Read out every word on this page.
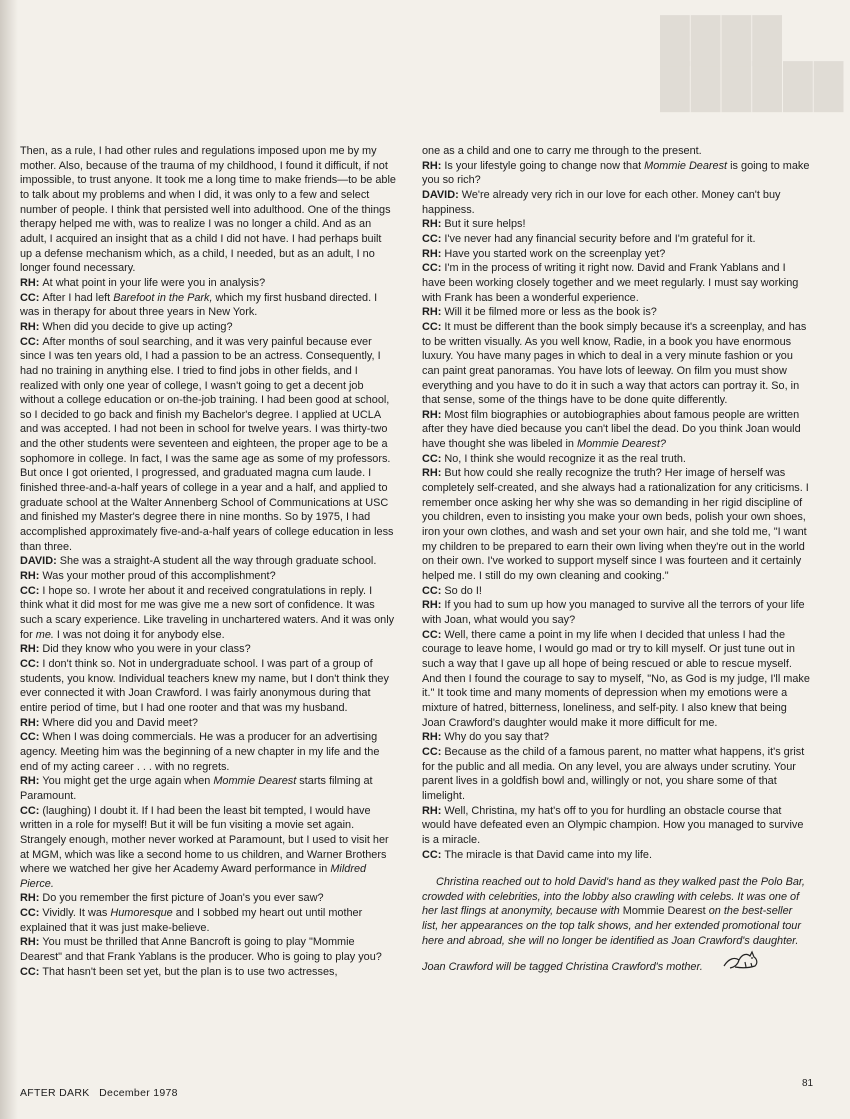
██████
████

Then, as a rule, I had other rules and regulations imposed upon me by my mother. Also, because of the trauma of my childhood, I found it difficult, if not impossible, to trust anyone. It took me a long time to make friends—to be able to talk about my problems and when I did, it was only to a few and select number of people. I think that persisted well into adulthood. One of the things therapy helped me with, was to realize I was no longer a child. And as an adult, I acquired an insight that as a child I did not have. I had perhaps built up a defense mechanism which, as a child, I needed, but as an adult, I no longer found necessary.

RH: At what point in your life were you in analysis?

CC: After I had left Barefoot in the Park, which my first husband directed. I was in therapy for about three years in New York.

RH: When did you decide to give up acting?

CC: After months of soul searching, and it was very painful because ever since I was ten years old, I had a passion to be an actress. Consequently, I had no training in anything else. I tried to find jobs in other fields, and I realized with only one year of college, I wasn't going to get a decent job without a college education or on-the-job training. I had been good at school, so I decided to go back and finish my Bachelor's degree. I applied at UCLA and was accepted. I had not been in school for twelve years. I was thirty-two and the other students were seventeen and eighteen, the proper age to be a sophomore in college. In fact, I was the same age as some of my professors. But once I got oriented, I progressed, and graduated magna cum laude. I finished three-and-a-half years of college in a year and a half, and applied to graduate school at the Walter Annenberg School of Communications at USC and finished my Master's degree there in nine months. So by 1975, I had accomplished approximately five-and-a-half years of college education in less than three.

DAVID: She was a straight-A student all the way through graduate school.

RH: Was your mother proud of this accomplishment?

CC: I hope so. I wrote her about it and received congratulations in reply. I think what it did most for me was give me a new sort of confidence. It was such a scary experience. Like traveling in unchartered waters. And it was only for me. I was not doing it for anybody else.

RH: Did they know who you were in your class?

CC: I don't think so. Not in undergraduate school. I was part of a group of students, you know. Individual teachers knew my name, but I don't think they ever connected it with Joan Crawford. I was fairly anonymous during that entire period of time, but I had one rooter and that was my husband.

RH: Where did you and David meet?

CC: When I was doing commercials. He was a producer for an advertising agency. Meeting him was the beginning of a new chapter in my life and the end of my acting career . . . with no regrets.

RH: You might get the urge again when Mommie Dearest starts filming at Paramount.

CC: (laughing) I doubt it. If I had been the least bit tempted, I would have written in a role for myself! But it will be fun visiting a movie set again. Strangely enough, mother never worked at Paramount, but I used to visit her at MGM, which was like a second home to us children, and Warner Brothers where we watched her give her Academy Award performance in Mildred Pierce.

RH: Do you remember the first picture of Joan's you ever saw?

CC: Vividly. It was Humoresque and I sobbed my heart out until mother explained that it was just make-believe.

RH: You must be thrilled that Anne Bancroft is going to play "Mommie Dearest" and that Frank Yablans is the producer. Who is going to play you?

CC: That hasn't been set yet, but the plan is to use two actresses,

one as a child and one to carry me through to the present.

RH: Is your lifestyle going to change now that Mommie Dearest is going to make you so rich?

DAVID: We're already very rich in our love for each other. Money can't buy happiness.

RH: But it sure helps!

CC: I've never had any financial security before and I'm grateful for it.

RH: Have you started work on the screenplay yet?

CC: I'm in the process of writing it right now. David and Frank Yablans and I have been working closely together and we meet regularly. I must say working with Frank has been a wonderful experience.

RH: Will it be filmed more or less as the book is?

CC: It must be different than the book simply because it's a screenplay, and has to be written visually. As you well know, Radie, in a book you have enormous luxury. You have many pages in which to deal in a very minute fashion or you can paint great panoramas. You have lots of leeway. On film you must show everything and you have to do it in such a way that actors can portray it. So, in that sense, some of the things have to be done quite differently.

RH: Most film biographies or autobiographies about famous people are written after they have died because you can't libel the dead. Do you think Joan would have thought she was libeled in Mommie Dearest?

CC: No, I think she would recognize it as the real truth.

RH: But how could she really recognize the truth? Her image of herself was completely self-created, and she always had a rationalization for any criticisms. I remember once asking her why she was so demanding in her rigid discipline of you children, even to insisting you make your own beds, polish your own shoes, iron your own clothes, and wash and set your own hair, and she told me, "I want my children to be prepared to earn their own living when they're out in the world on their own. I've worked to support myself since I was fourteen and it certainly helped me. I still do my own cleaning and cooking."

CC: So do I!

RH: If you had to sum up how you managed to survive all the terrors of your life with Joan, what would you say?

CC: Well, there came a point in my life when I decided that unless I had the courage to leave home, I would go mad or try to kill myself. Or just tune out in such a way that I gave up all hope of being rescued or able to rescue myself. And then I found the courage to say to myself, "No, as God is my judge, I'll make it." It took time and many moments of depression when my emotions were a mixture of hatred, bitterness, loneliness, and self-pity. I also knew that being Joan Crawford's daughter would make it more difficult for me.

RH: Why do you say that?

CC: Because as the child of a famous parent, no matter what happens, it's grist for the public and all media. On any level, you are always under scrutiny. Your parent lives in a goldfish bowl and, willingly or not, you share some of that limelight.

RH: Well, Christina, my hat's off to you for hurdling an obstacle course that would have defeated even an Olympic champion. How you managed to survive is a miracle.

CC: The miracle is that David came into my life.

Christina reached out to hold David's hand as they walked past the Polo Bar, crowded with celebrities, into the lobby also crawling with celebs. It was one of her last flings at anonymity, because with Mommie Dearest on the best-seller list, her appearances on the top talk shows, and her extended promotional tour here and abroad, she will no longer be identified as Joan Crawford's daughter. Joan Crawford will be tagged Christina Crawford's mother.

AFTER DARK December 1978
81
